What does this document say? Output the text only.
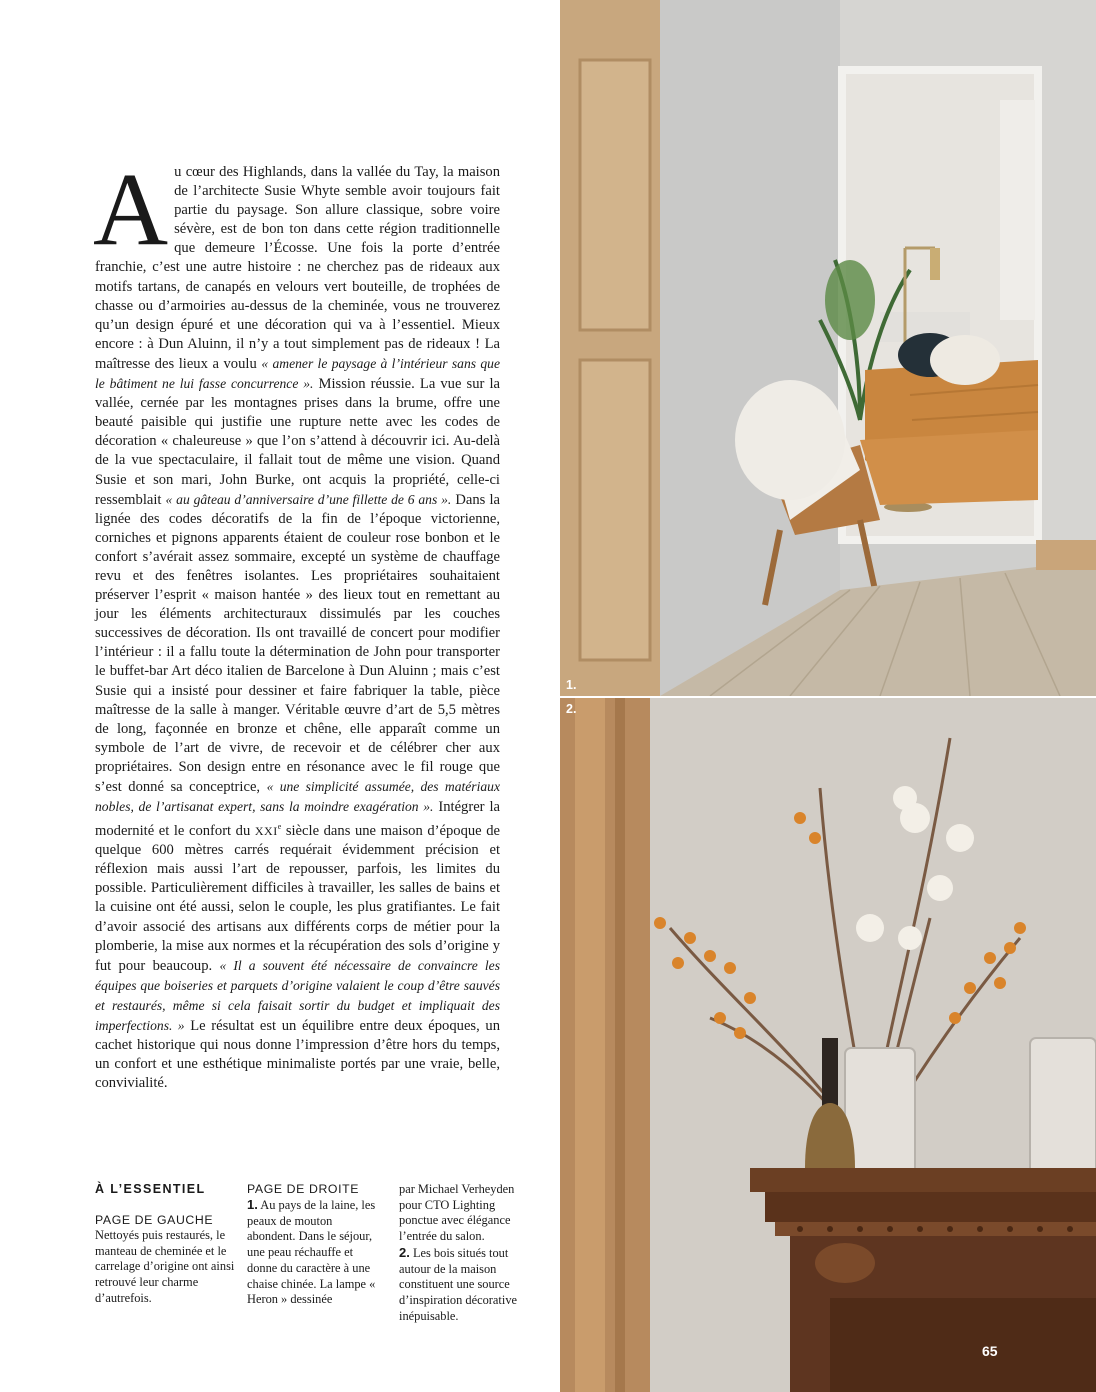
Au cœur des Highlands, dans la vallée du Tay, la maison de l’architecte Susie Whyte semble avoir toujours fait partie du paysage. Son allure classique, sobre voire sévère, est de bon ton dans cette région traditionnelle que demeure l’Écosse. Une fois la porte d’entrée franchie, c’est une autre histoire : ne cherchez pas de rideaux aux motifs tartans, de canapés en velours vert bouteille, de trophées de chasse ou d’armoiries au-dessus de la cheminée, vous ne trouverez qu’un design épuré et une décoration qui va à l’essentiel. Mieux encore : à Dun Aluinn, il n’y a tout simplement pas de rideaux ! La maîtresse des lieux a voulu « amener le paysage à l’intérieur sans que le bâtiment ne lui fasse concurrence ». Mission réussie. La vue sur la vallée, cernée par les montagnes prises dans la brume, offre une beauté paisible qui justifie une rupture nette avec les codes de décoration « chaleureuse » que l’on s’attend à découvrir ici. Au-delà de la vue spectaculaire, il fallait tout de même une vision. Quand Susie et son mari, John Burke, ont acquis la propriété, celle-ci ressemblait « au gâteau d’anniversaire d’une fillette de 6 ans ». Dans la lignée des codes décoratifs de la fin de l’époque victorienne, corniches et pignons apparents étaient de couleur rose bonbon et le confort s’avérait assez sommaire, excepté un système de chauffage revu et des fenêtres isolantes. Les propriétaires souhaitaient préserver l’esprit « maison hantée » des lieux tout en remettant au jour les éléments architecturaux dissimulés par les couches successives de décoration. Ils ont travaillé de concert pour modifier l’intérieur : il a fallu toute la détermination de John pour transporter le buffet-bar Art déco italien de Barcelone à Dun Aluinn ; mais c’est Susie qui a insisté pour dessiner et faire fabriquer la table, pièce maîtresse de la salle à manger. Véritable œuvre d’art de 5,5 mètres de long, façonnée en bronze et chêne, elle apparaît comme un symbole de l’art de vivre, de recevoir et de célébrer cher aux propriétaires. Son design entre en résonance avec le fil rouge que s’est donné sa conceptrice, « une simplicité assumée, des matériaux nobles, de l’artisanat expert, sans la moindre exagération ». Intégrer la modernité et le confort du XXIe siècle dans une maison d’époque de quelque 600 mètres carrés requérait évidemment précision et réflexion mais aussi l’art de repousser, parfois, les limites du possible. Particulièrement difficiles à travailler, les salles de bains et la cuisine ont été aussi, selon le couple, les plus gratifiantes. Le fait d’avoir associé des artisans aux différents corps de métier pour la plomberie, la mise aux normes et la récupération des sols d’origine y fut pour beaucoup. « Il a souvent été nécessaire de convaincre les équipes que boiseries et parquets d’origine valaient le coup d’être sauvés et restaurés, même si cela faisait sortir du budget et impliquait des imperfections. » Le résultat est un équilibre entre deux époques, un cachet historique qui nous donne l’impression d’être hors du temps, un confort et une esthétique minimaliste portés par une vraie, belle, convivialité.

À L’ESSENTIEL
PAGE DE GAUCHE
Nettoyés puis restaurés, le manteau de cheminée et le carrelage d’origine ont ainsi retrouvé leur charme d’autrefois.
PAGE DE DROITE
1. Au pays de la laine, les peaux de mouton abondent. Dans le séjour, une peau réchauffe et donne du caractère à une chaise chinée. La lampe « Heron » dessinée
par Michael Verheyden pour CTO Lighting ponctue avec élégance l’entrée du salon.
2. Les bois situés tout autour de la maison constituent une source d’inspiration décorative inépuisable.
1.
2.
65
